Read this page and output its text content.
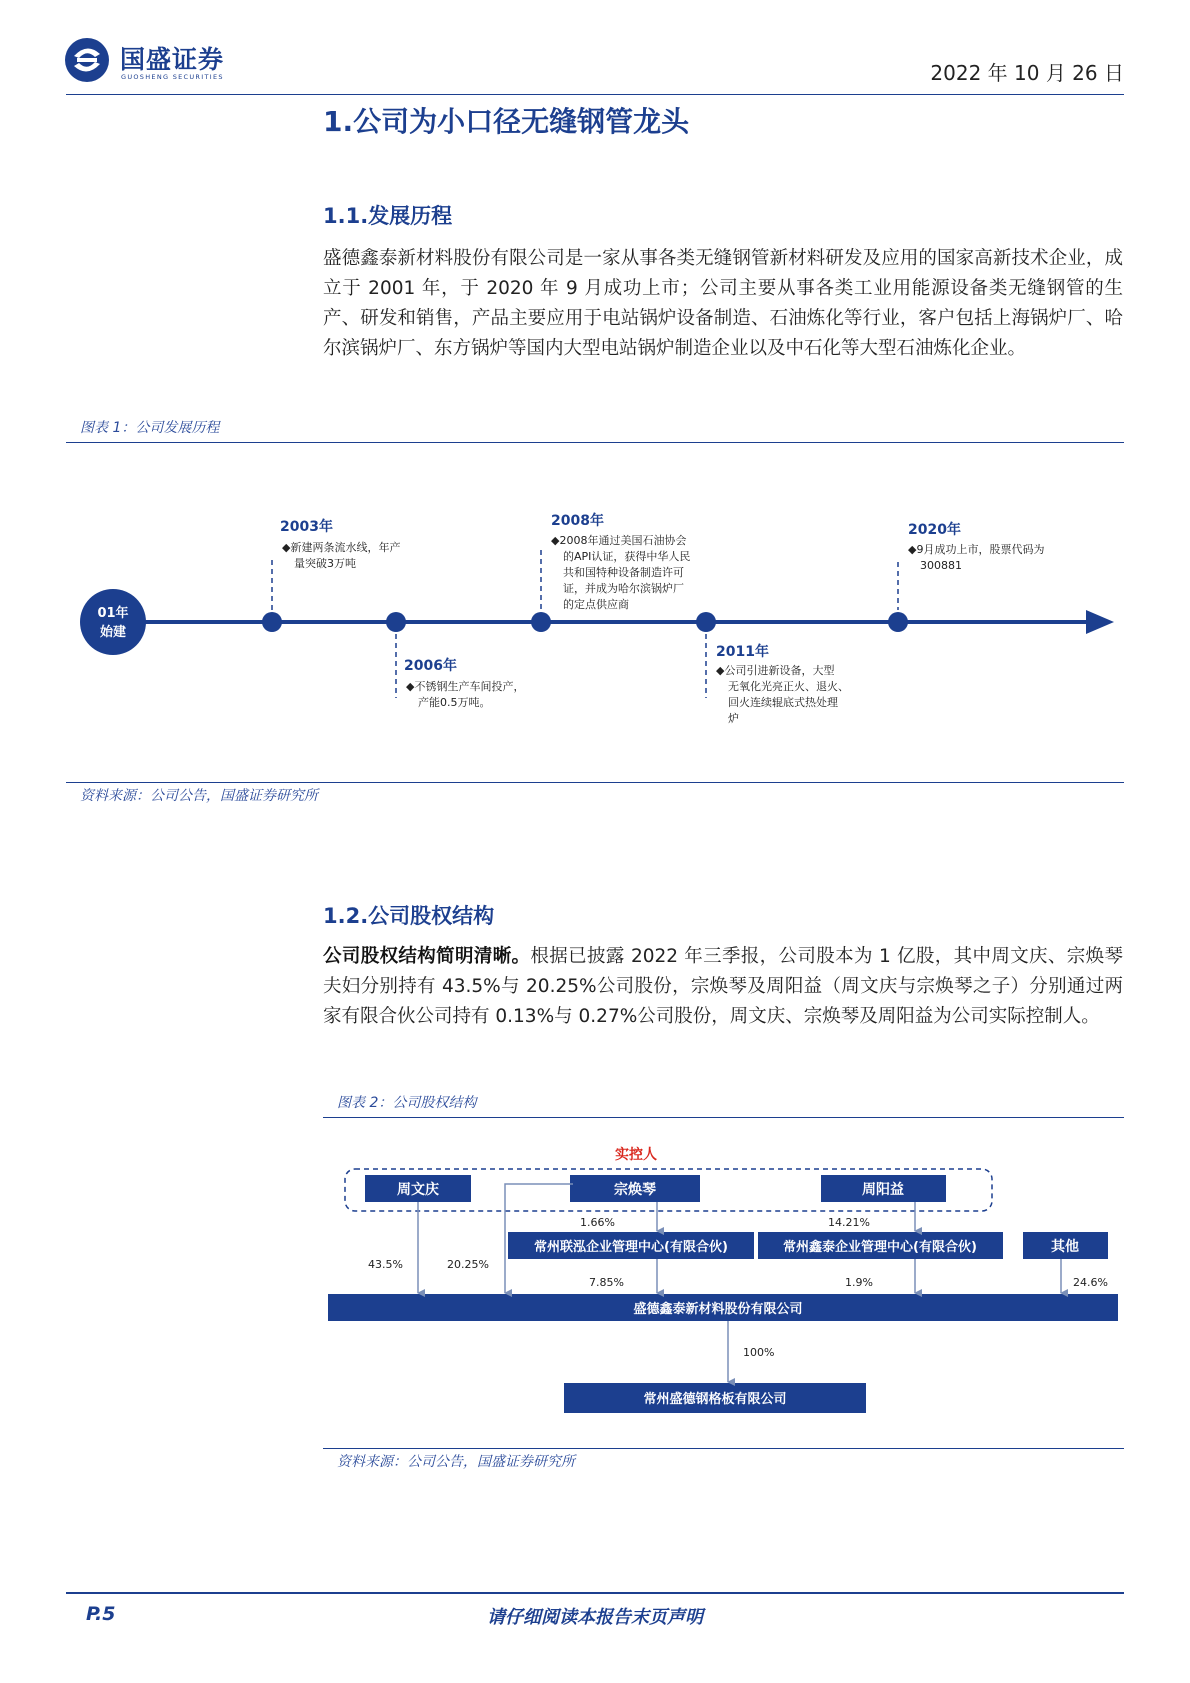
国盛证券
GUOSHENG SECURITIES	2022 年 10 月 26 日
1.公司为小口径无缝钢管龙头
1.1.发展历程
盛德鑫泰新材料股份有限公司是一家从事各类无缝钢管新材料研发及应用的国家高新技术企业，成立于 2001 年，于 2020 年 9 月成功上市；公司主要从事各类工业用能源设备类无缝钢管的生产、研发和销售，产品主要应用于电站锅炉设备制造、石油炼化等行业，客户包括上海锅炉厂、哈尔滨锅炉厂、东方锅炉等国内大型电站锅炉制造企业以及中石化等大型石油炼化企业。
图表 1：公司发展历程
01年
始建
2003年
◆新建两条流水线，年产
量突破3万吨
2006年
◆不锈钢生产车间投产，
产能0.5万吨。
2008年
◆2008年通过美国石油协会
的API认证，获得中华人民
共和国特种设备制造许可
证，并成为哈尔滨锅炉厂
的定点供应商
2011年
◆公司引进新设备，大型
无氧化光亮正火、退火、
回火连续辊底式热处理
炉
2020年
◆9月成功上市，股票代码为
300881
资料来源：公司公告，国盛证券研究所
1.2.公司股权结构
公司股权结构简明清晰。根据已披露 2022 年三季报，公司股本为 1 亿股，其中周文庆、宗焕琴夫妇分别持有 43.5%与 20.25%公司股份，宗焕琴及周阳益（周文庆与宗焕琴之子）分别通过两家有限合伙公司持有 0.13%与 0.27%公司股份，周文庆、宗焕琴及周阳益为公司实际控制人。
图表 2：公司股权结构
实控人
周文庆	宗焕琴	周阳益
常州联泓企业管理中心(有限合伙)	常州鑫泰企业管理中心(有限合伙)	其他
盛德鑫泰新材料股份有限公司
常州盛德钢格板有限公司
43.5%	20.25%
1.66%	14.21%
7.85%	1.9%	24.6%
100%
资料来源：公司公告，国盛证券研究所
P.5	请仔细阅读本报告末页声明
